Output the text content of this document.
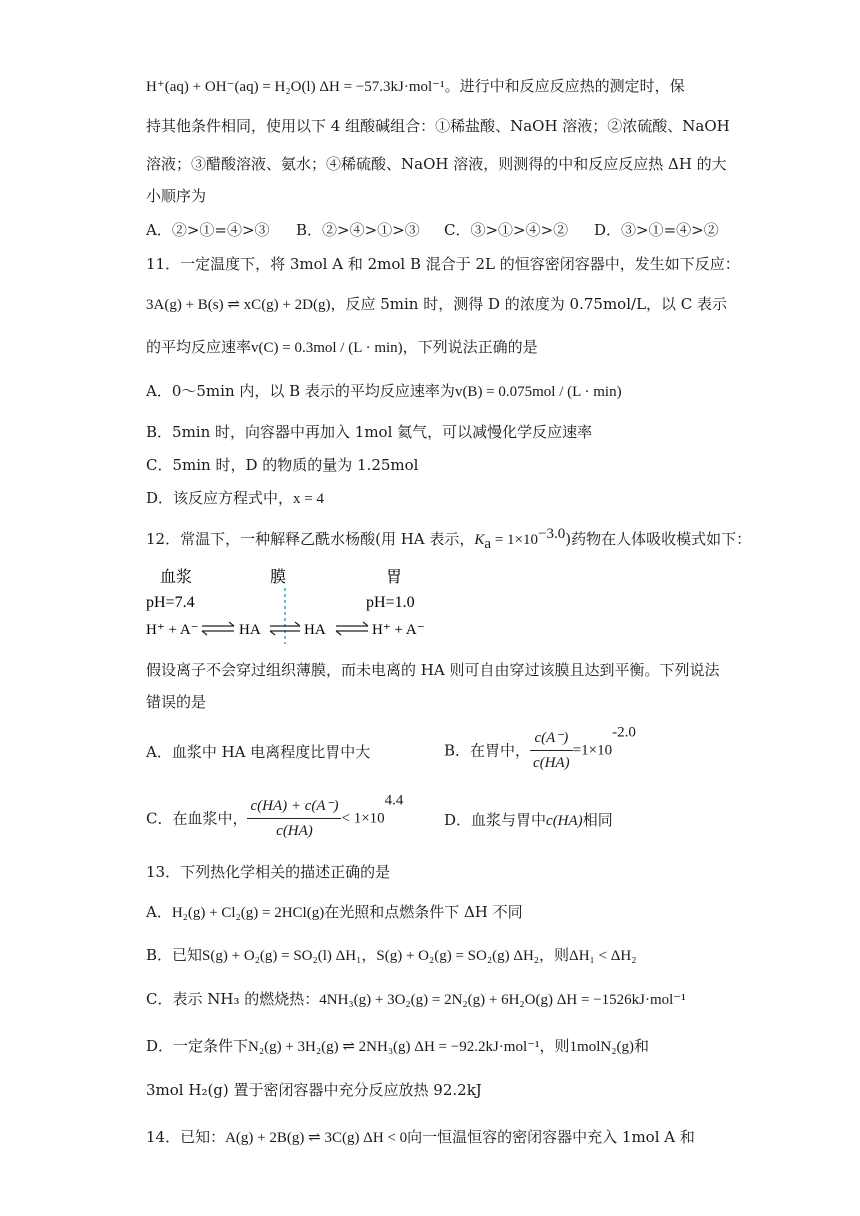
H⁺(aq) + OH⁻(aq) = H₂O(l) ΔH = −57.3kJ·mol⁻¹。进行中和反应反应热的测定时，保
持其他条件相同，使用以下 4 组酸碱组合：①稀盐酸、NaOH 溶液；②浓硫酸、NaOH
溶液；③醋酸溶液、氨水；④稀硫酸、NaOH 溶液，则测得的中和反应反应热 ΔH 的大
小顺序为
A．②>①=④>③ B．②>④>①>③ C．③>①>④>② D．③>①=④>②
11．一定温度下，将 3mol A 和 2mol B 混合于 2L 的恒容密闭容器中，发生如下反应：
3A(g) + B(s) ⇌ xC(g) + 2D(g)，反应 5min 时，测得 D 的浓度为 0.75mol/L，以 C 表示
的平均反应速率v(C) = 0.3mol / (L · min)，下列说法正确的是
A．0～5min 内，以 B 表示的平均反应速率为v(B) = 0.075mol / (L · min)
B．5min 时，向容器中再加入 1mol 氦气，可以减慢化学反应速率
C．5min 时，D 的物质的量为 1.25mol
D．该反应方程式中，x = 4
12．常温下，一种解释乙酰水杨酸(用 HA 表示，$K_a = 1\times 10^{-3.0}$)药物在人体吸收模式如下：
血浆	膜	胃
pH=7.4	pH=1.0
H⁺ + A⁻	HA	HA	H⁺ + A⁻
假设离子不会穿过组织薄膜，而未电离的 HA 则可自由穿过该膜且达到平衡。下列说法
错误的是
A．血浆中 HA 电离程度比胃中大	B．在胃中， $\frac{c(A^-)}{c(HA)} =1\times 10^{-2.0}$
C．在血浆中， $\frac{c(HA) + c(A^-)}{c(HA)} < 1\times 10^{4.4}$
D．血浆与胃中c(HA)相同
13．下列热化学相关的描述正确的是
A．H₂(g) + Cl₂(g) = 2HCl(g)在光照和点燃条件下 ΔH 不同
B．已知S(g) + O₂(g) = SO₂(l) ΔH₁，S(g) + O₂(g) = SO₂(g) ΔH₂，则ΔH₁ < ΔH₂
C．表示 NH₃ 的燃烧热：4NH₃(g) + 3O₂(g) = 2N₂(g) + 6H₂O(g) ΔH = −1526kJ·mol⁻¹
D．一定条件下N₂(g) + 3H₂(g) ⇌ 2NH₃(g) ΔH = −92.2kJ·mol⁻¹，则1molN₂(g)和
3mol H₂(g) 置于密闭容器中充分反应放热 92.2kJ
14．已知：A(g) + 2B(g) ⇌ 3C(g) ΔH < 0向一恒温恒容的密闭容器中充入 1mol A 和
